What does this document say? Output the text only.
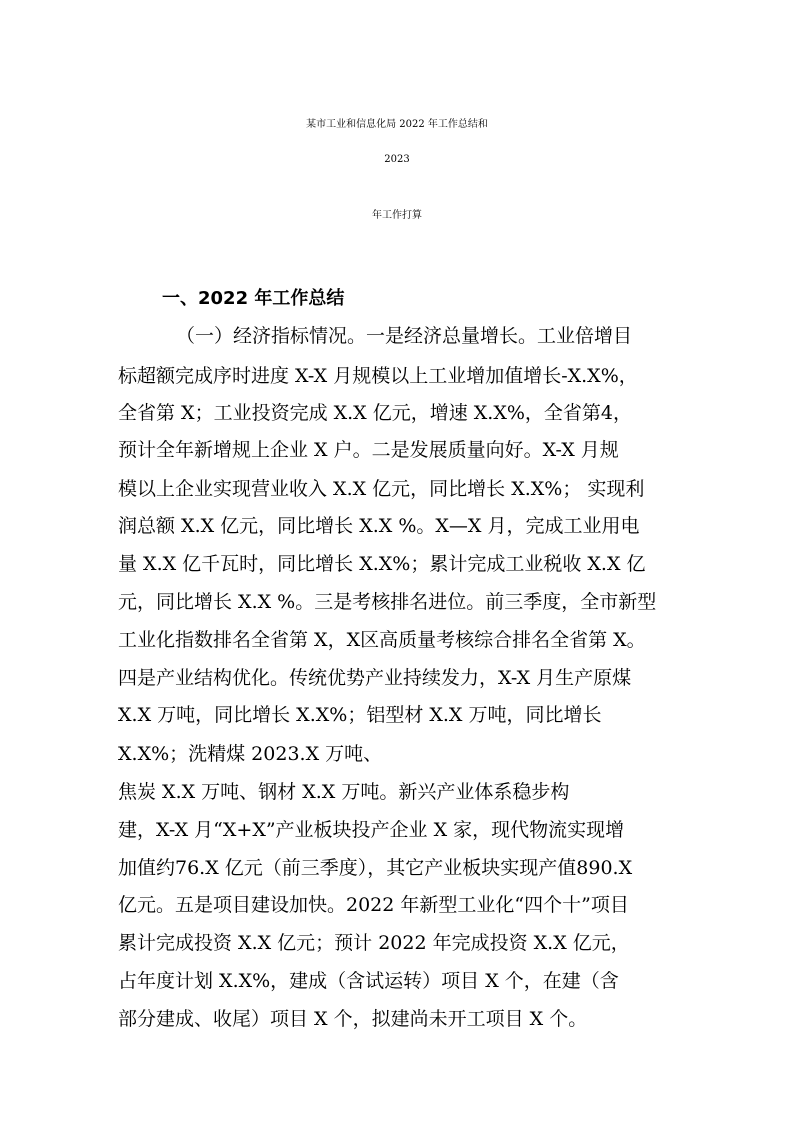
某市工业和信息化局 2022 年工作总结和
2023
年工作打算
一、2022 年工作总结
（一）经济指标情况。一是经济总量增长。工业倍增目
标超额完成序时进度 X-X 月规模以上工业增加值增长-X.X%，
全省第 X；工业投资完成 X.X 亿元，增速 X.X%，全省第4，
预计全年新增规上企业 X 户。二是发展质量向好。X-X 月规
模以上企业实现营业收入 X.X 亿元，同比增长 X.X%； 实现利
润总额 X.X 亿元，同比增长 X.X %。X—X 月，完成工业用电
量 X.X 亿千瓦时，同比增长 X.X%；累计完成工业税收 X.X 亿
元，同比增长 X.X %。三是考核排名进位。前三季度，全市新型
工业化指数排名全省第 X，X区高质量考核综合排名全省第 X。
四是产业结构优化。传统优势产业持续发力，X-X 月生产原煤
X.X 万吨，同比增长 X.X%；铝型材 X.X 万吨，同比增长
X.X%；洗精煤 2023.X 万吨、
焦炭 X.X 万吨、钢材 X.X 万吨。新兴产业体系稳步构
建，X-X 月“X+X”产业板块投产企业 X 家，现代物流实现增
加值约76.X 亿元（前三季度），其它产业板块实现产值890.X
亿元。五是项目建设加快。2022 年新型工业化“四个十”项目
累计完成投资 X.X 亿元；预计 2022 年完成投资 X.X 亿元，
占年度计划 X.X%，建成（含试运转）项目 X 个，在建（含
部分建成、收尾）项目 X 个，拟建尚未开工项目 X 个。
